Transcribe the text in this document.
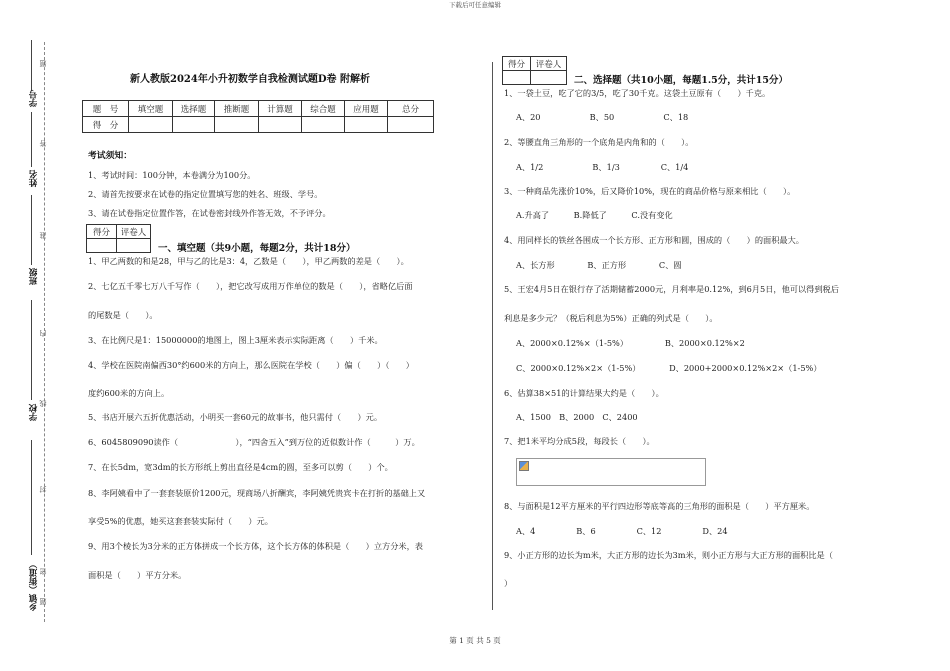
下载后可任意编辑
学号
姓名
班级
学校
乡镇（街道）
题
答
准
内
线
封
密
题
新人教版2024年小升初数学自我检测试题D卷 附解析
题　号	填空题	选择题	推断题	计算题	综合题	应用题	总分
得　分							
考试须知：
1、考试时间：100分钟，本卷满分为100分。
2、请首先按要求在试卷的指定位置填写您的姓名、班级、学号。
3、请在试卷指定位置作答，在试卷密封线外作答无效，不予评分。
得分	评卷人

一、填空题（共9小题，每题2分，共计18分）
1、甲乙两数的和是28，甲与乙的比是3：4，乙数是（　　），甲乙两数的差是（　　）。
2、七亿五千零七万八千写作（　　），把它改写成用万作单位的数是（　　），省略亿后面
的尾数是（　　）。
3、在比例尺是1：15000000的地图上，图上3厘米表示实际距离（　　）千米。
4、学校在医院南偏西30°约600米的方向上，那么医院在学校（　　）偏（　　）（　　）
度约600米的方向上。
5、书店开展六五折优惠活动，小明买一套60元的故事书，他只需付（　　）元。
6、6045809090读作（　　　　　　　），“四舍五入”到万位的近似数计作（　　　）万。
7、在长5dm，宽3dm的长方形纸上剪出直径是4cm的圆，至多可以剪（　　）个。
8、李阿姨看中了一套套装原价1200元，现商场八折酬宾，李阿姨凭贵宾卡在打折的基础上又
享受5%的优惠，她买这套套装实际付（　　）元。
9、用3个棱长为3分米的正方体拼成一个长方体，这个长方体的体积是（　　）立方分米，表
面积是（　　）平方分米。
得分	评卷人

二、选择题（共10小题，每题1.5分，共计15分）
1、一袋土豆，吃了它的3/5，吃了30千克。这袋土豆原有（　　）千克。
A、20　　　　　　B、50　　　　　　C、18
2、等腰直角三角形的一个底角是内角和的（　　）。
A、1/2　　　　　　B、1/3　　　　　C、1/4
3、一种商品先涨价10%，后又降价10%，现在的商品价格与原来相比（　　）。
A.升高了　　　B.降低了　　　C.没有变化
4、用同样长的铁丝各围成一个长方形、正方形和圆，围成的（　　）的面积最大。
A、长方形　　　　B、正方形　　　　C、圆
5、王宏4月5日在银行存了活期储蓄2000元，月利率是0.12%，到6月5日，他可以得到税后
利息是多少元？（税后利息为5%）正确的列式是（　　）。
A、2000×0.12%×（1-5%）　　　　　B、2000×0.12%×2
C、2000×0.12%×2×（1-5%）　　　　D、2000+2000×0.12%×2×（1-5%）
6、估算38×51的计算结果大约是（　　）。
A、1500　B、2000　C、2400
7、把1米平均分成5段，每段长（　　）。
8、与面积是12平方厘米的平行四边形等底等高的三角形的面积是（　　）平方厘米。
A、4　　　　　B、6　　　　　C、12　　　　　D、24
9、小正方形的边长为m米，大正方形的边长为3m米，则小正方形与大正方形的面积比是（
）
第 1 页 共 5 页
